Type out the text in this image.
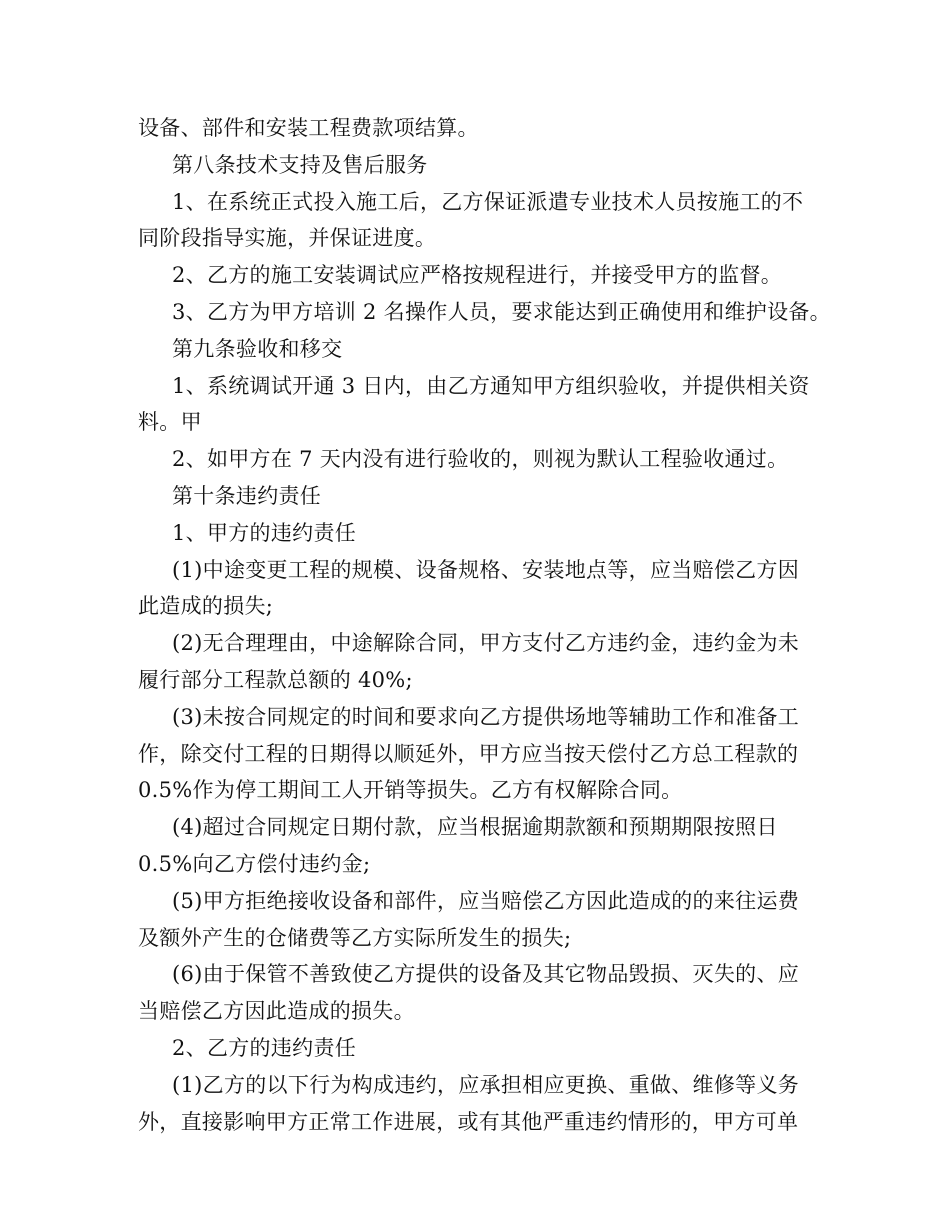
设备、部件和安装工程费款项结算。
第八条技术支持及售后服务
1、在系统正式投入施工后，乙方保证派遣专业技术人员按施工的不
同阶段指导实施，并保证进度。
2、乙方的施工安装调试应严格按规程进行，并接受甲方的监督。
3、乙方为甲方培训 2 名操作人员，要求能达到正确使用和维护设备。
第九条验收和移交
1、系统调试开通 3 日内，由乙方通知甲方组织验收，并提供相关资
料。甲
2、如甲方在 7 天内没有进行验收的，则视为默认工程验收通过。
第十条违约责任
1、甲方的违约责任
(1)中途变更工程的规模、设备规格、安装地点等，应当赔偿乙方因
此造成的损失;
(2)无合理理由，中途解除合同，甲方支付乙方违约金，违约金为未
履行部分工程款总额的 40%;
(3)未按合同规定的时间和要求向乙方提供场地等辅助工作和准备工
作，除交付工程的日期得以顺延外，甲方应当按天偿付乙方总工程款的
0.5%作为停工期间工人开销等损失。乙方有权解除合同。
(4)超过合同规定日期付款，应当根据逾期款额和预期期限按照日
0.5%向乙方偿付违约金;
(5)甲方拒绝接收设备和部件，应当赔偿乙方因此造成的的来往运费
及额外产生的仓储费等乙方实际所发生的损失;
(6)由于保管不善致使乙方提供的设备及其它物品毁损、灭失的、应
当赔偿乙方因此造成的损失。
2、乙方的违约责任
(1)乙方的以下行为构成违约，应承担相应更换、重做、维修等义务
外，直接影响甲方正常工作进展，或有其他严重违约情形的，甲方可单
